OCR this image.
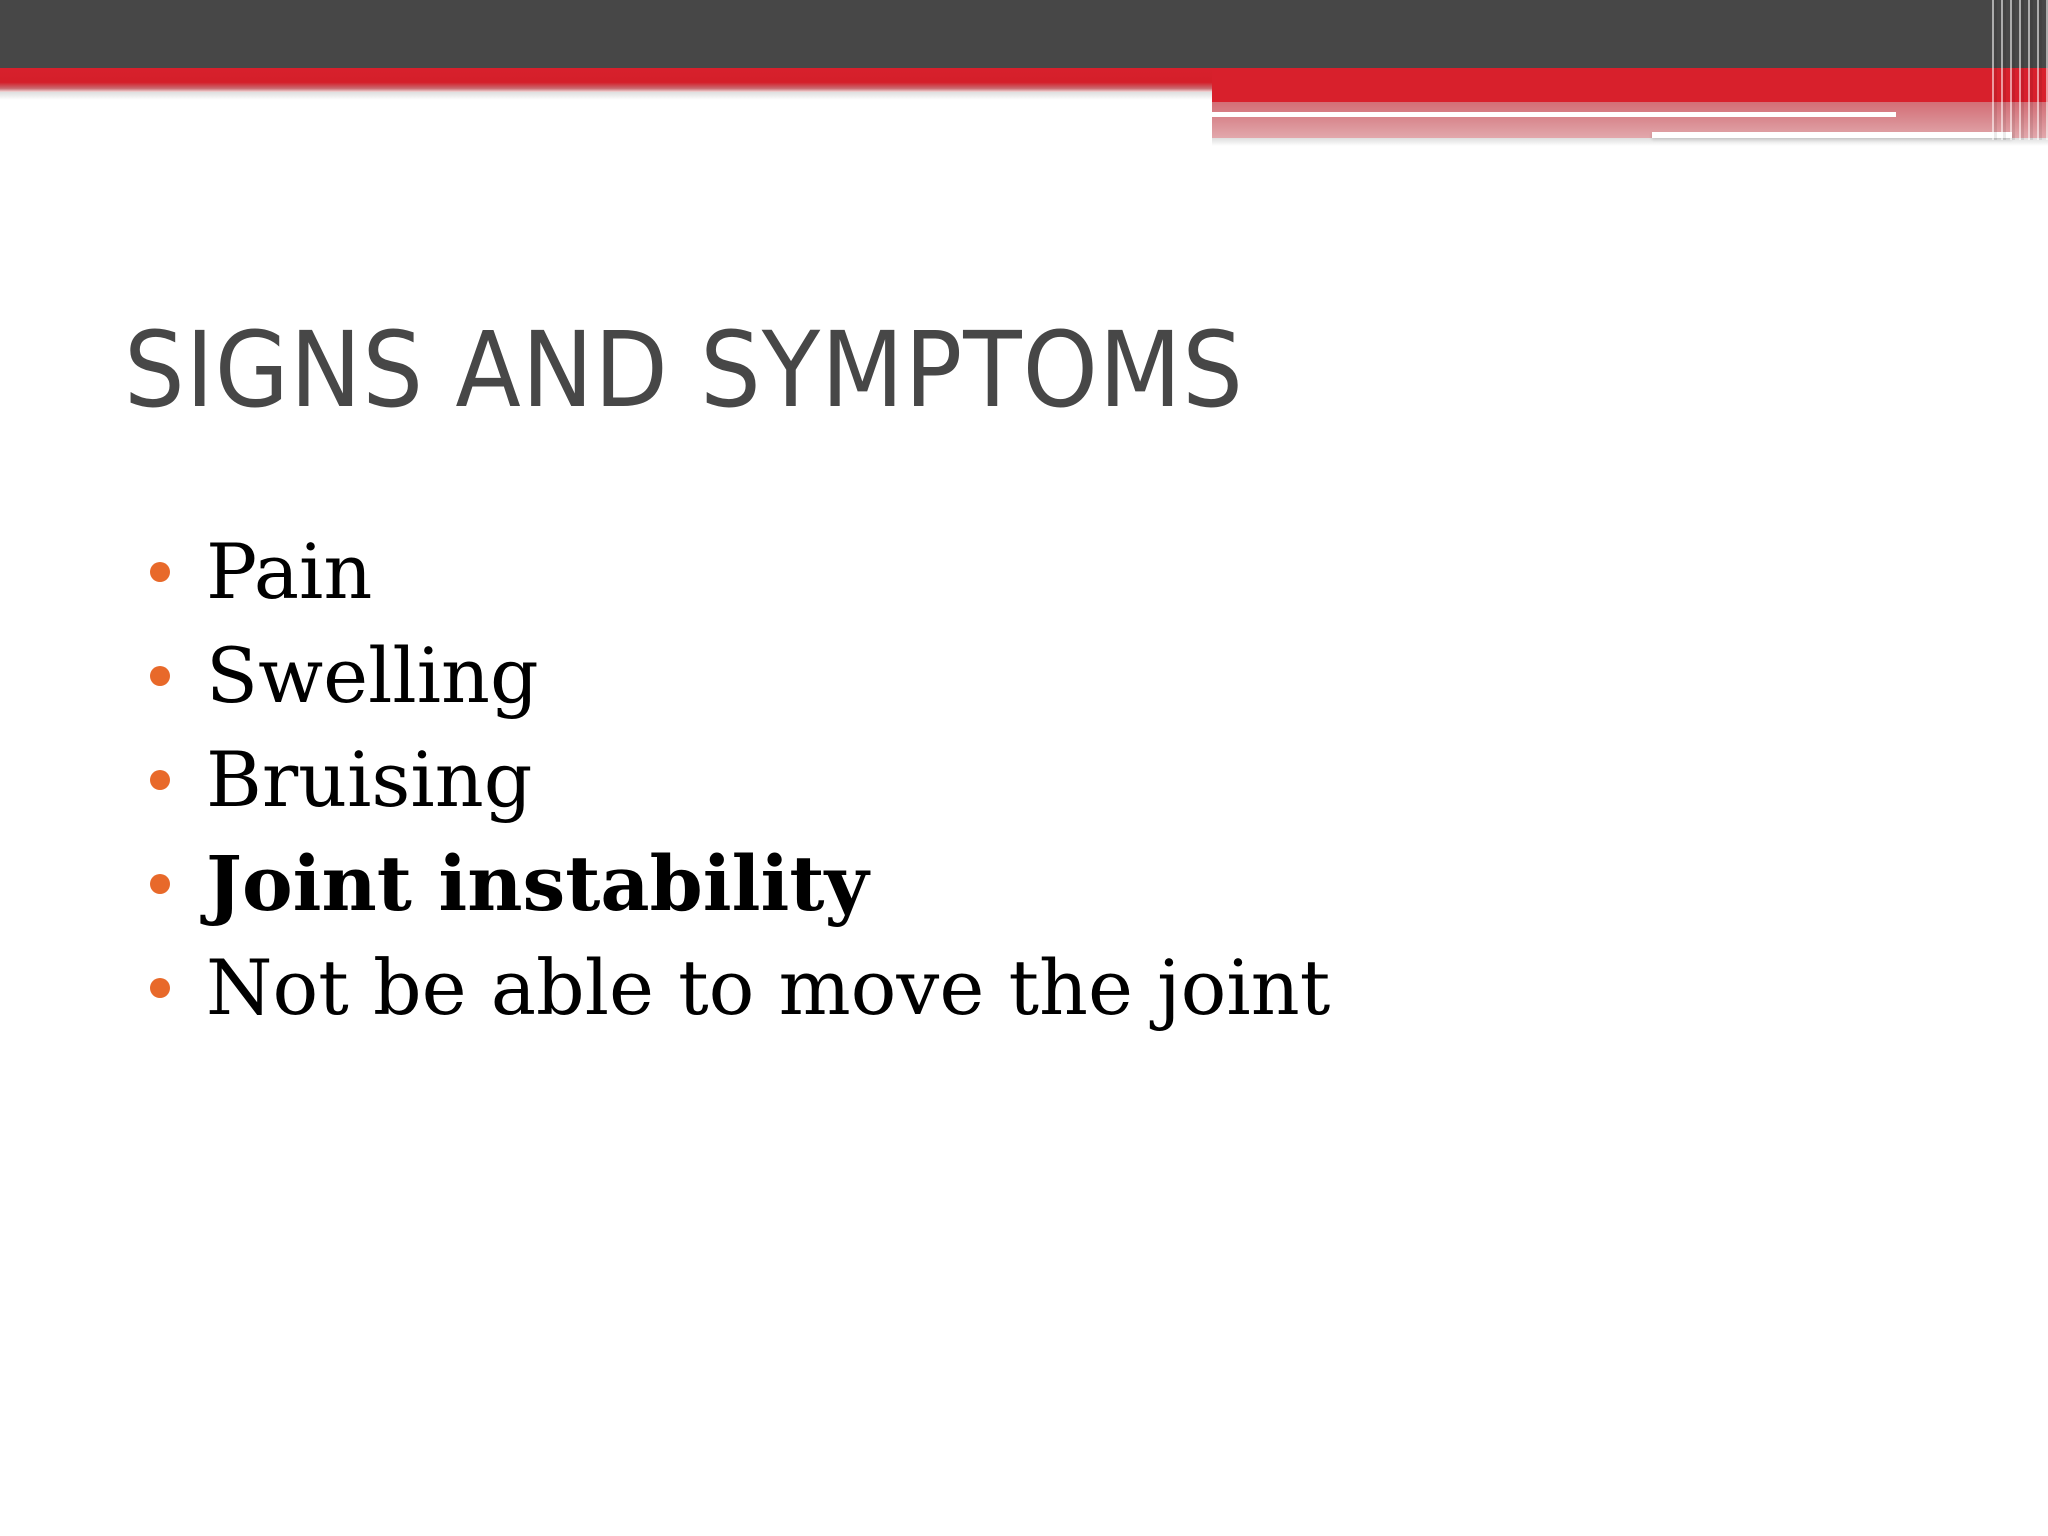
SIGNS AND SYMPTOMS
Pain
Swelling
Bruising
Joint instability
Not be able to move the joint
